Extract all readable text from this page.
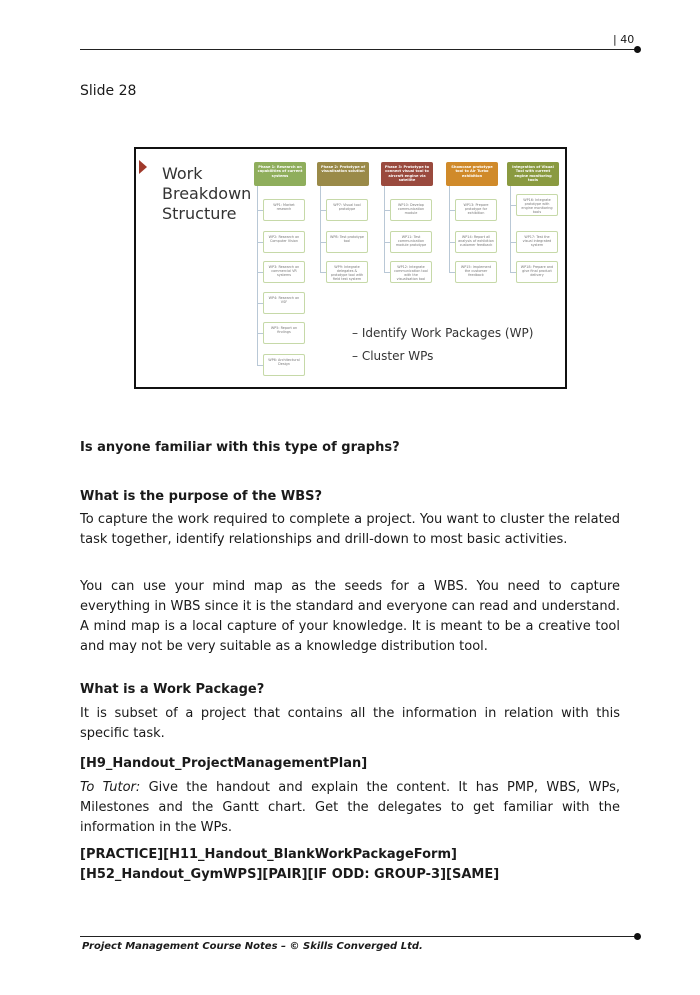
| 40
Slide 28
Work Breakdown Structure
– Identify Work Packages (WP)
– Cluster WPs
Phase 1: Research on capabilities of current systems
WP1: Market research
WP2: Research on Computer Vision
WP3: Research on commercial VR systems
WP4: Research on VSF
WP5: Report on findings
WP6: Architectural Design
Phase 2: Prototype of visualisation solution
WP7: Visual tool prototype
WP8: Test prototype tool
WP9: Integrate delegates & prototype tool with field test system
Phase 3: Prototype to connect visual tool to aircraft engine via satellite
WP10: Develop communication module
WP11: Test communication module prototype
WP12: Integrate communication tool with the visualisation tool
Showcase prototype tool to Air Turbo exhibition
WP13: Prepare prototype for exhibition
WP14: Report all analysis of exhibition customer feedback
WP15: Implement the customer feedback
Integration of Visual Tool with current engine monitoring tools
WP16: Integrate prototype with engine monitoring tools
WP17: Test the visual integrated system
WP18: Prepare and give final product delivery
Is anyone familiar with this type of graphs?
What is the purpose of the WBS?
To capture the work required to complete a project. You want to cluster the related task together, identify relationships and drill-down to most basic activities.
You can use your mind map as the seeds for a WBS. You need to capture everything in WBS since it is the standard and everyone can read and understand. A mind map is a local capture of your knowledge. It is meant to be a creative tool and may not be very suitable as a knowledge distribution tool.
What is a Work Package?
It is subset of a project that contains all the information in relation with this specific task.
[H9_Handout_ProjectManagementPlan]
To Tutor: Give the handout and explain the content. It has PMP, WBS, WPs, Milestones and the Gantt chart. Get the delegates to get familiar with the information in the WPs.
[PRACTICE][H11_Handout_BlankWorkPackageForm][H52_Handout_GymWPS][PAIR][IF ODD: GROUP-3][SAME]
Project Management Course Notes – © Skills Converged Ltd.
